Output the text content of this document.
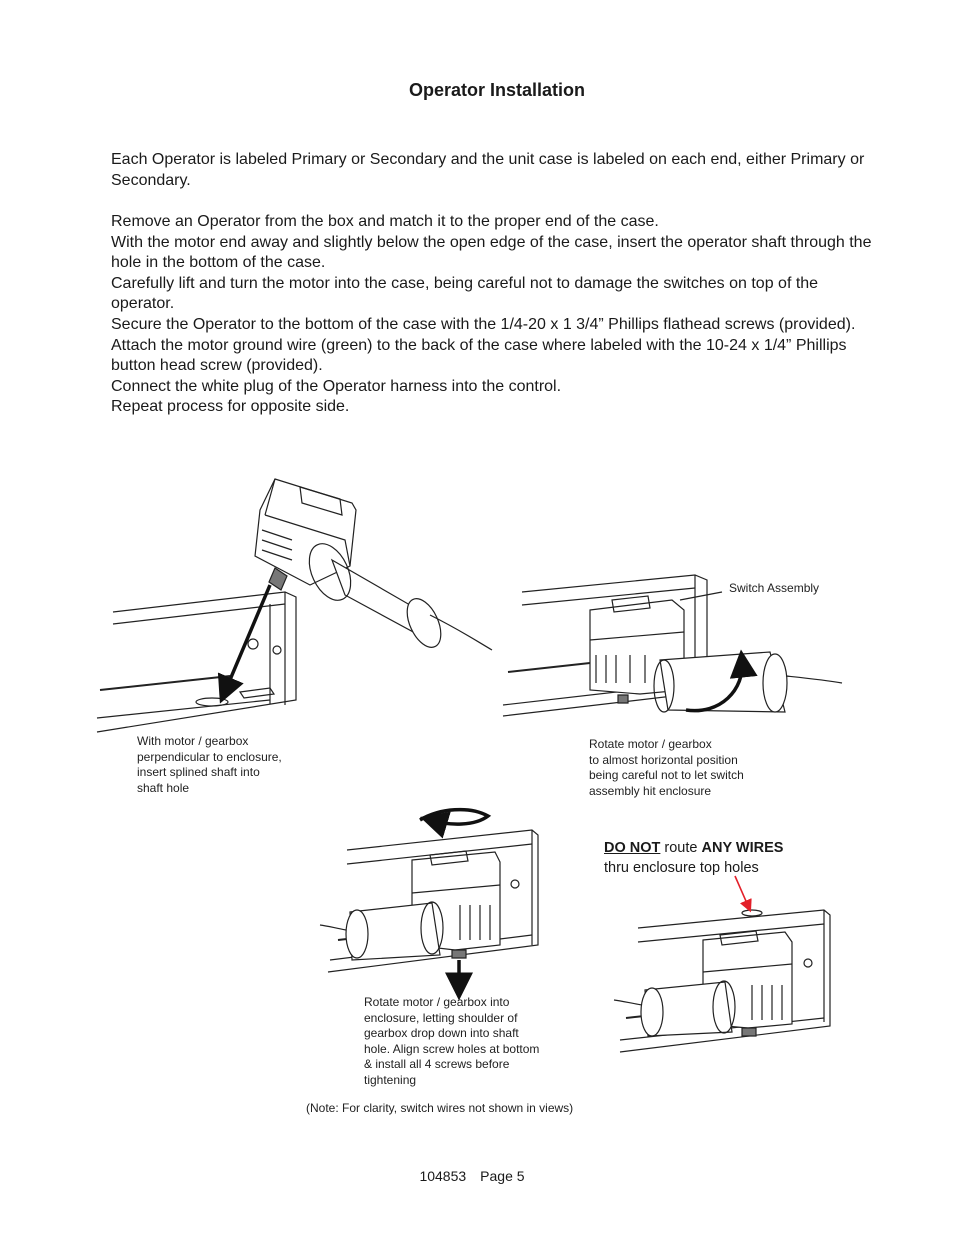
Operator Installation

Each Operator is labeled Primary or Secondary and the unit case is labeled on each end, either Primary or Secondary.

Remove an Operator from the box and match it to the proper end of the case.

With the motor end away and slightly below the open edge of the case, insert the operator shaft through the hole in the bottom of the case.

Carefully lift and turn the motor into the case, being careful not to damage the switches on top of the operator.

Secure the Operator to the bottom of the case with the 1/4-20 x 1 3/4” Phillips flathead screws (provided).

Attach the motor ground wire (green) to the back of the case where labeled with the 10-24 x 1/4” Phillips button head screw (provided).

Connect the white plug of the Operator harness into the control.

Repeat process for opposite side.

Switch Assembly
With motor / gearbox
perpendicular to enclosure,
insert splined shaft into
shaft hole
Rotate motor / gearbox
to almost horizontal position
being careful not to let switch
assembly hit enclosure
DO NOT route ANY WIRES
thru enclosure top holes
Rotate motor / gearbox into
enclosure, letting shoulder of
gearbox drop down into shaft
hole. Align screw holes at bottom
& install all 4 screws before
tightening
(Note: For clarity, switch wires not shown in views)
104853 Page 5
